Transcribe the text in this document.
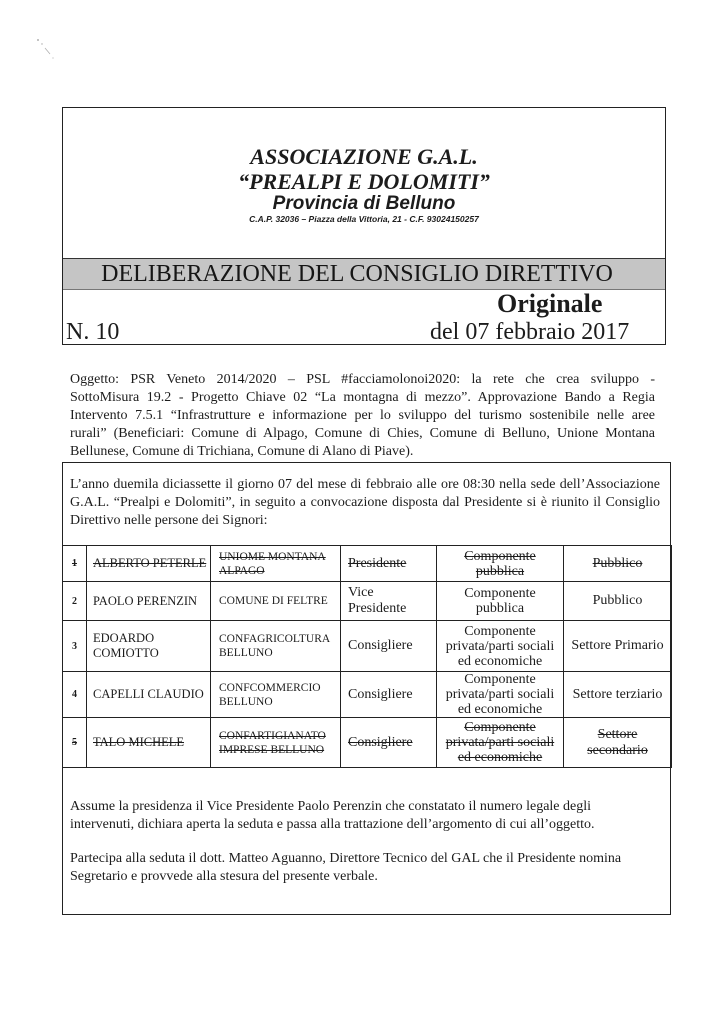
ASSOCIAZIONE G.A.L.
“PREALPI E DOLOMITI”
Provincia di Belluno
C.A.P. 32036 – Piazza della Vittoria, 21 - C.F. 93024150257
DELIBERAZIONE DEL CONSIGLIO DIRETTIVO
Originale
N. 10	del 07 febbraio 2017
Oggetto: PSR Veneto 2014/2020 – PSL #facciamolonoi2020: la rete che crea sviluppo -
SottoMisura 19.2 - Progetto Chiave 02 “La montagna di mezzo”. Approvazione Bando a Regia
Intervento 7.5.1 “Infrastrutture e informazione per lo sviluppo del turismo sostenibile nelle aree
rurali” (Beneficiari: Comune di Alpago, Comune di Chies, Comune di Belluno, Unione Montana
Bellunese, Comune di Trichiana, Comune di Alano di Piave).
L’anno duemila diciassette il giorno 07 del mese di febbraio alle ore 08:30 nella sede dell’Associazione
G.A.L. “Prealpi e Dolomiti”, in seguito a convocazione disposta dal Presidente si è riunito il Consiglio
Direttivo nelle persone dei Signori:
1	ALBERTO PETERLE	UNIOME MONTANA ALPAGO	Presidente	Componente pubblica	Pubblico
2	PAOLO PERENZIN	COMUNE DI FELTRE	Vice Presidente	Componente pubblica	Pubblico
3	EDOARDO COMIOTTO	CONFAGRICOLTURA BELLUNO	Consigliere	Componente privata/parti sociali ed economiche	Settore Primario
4	CAPELLI CLAUDIO	CONFCOMMERCIO BELLUNO	Consigliere	Componente privata/parti sociali ed economiche	Settore terziario
5	TALO MICHELE	CONFARTIGIANATO IMPRESE BELLUNO	Consigliere	Componente privata/parti sociali ed economiche	Settore secondario
Assume la presidenza il Vice Presidente Paolo Perenzin che constatato il numero legale degli
intervenuti, dichiara aperta la seduta e passa alla trattazione dell’argomento di cui all’oggetto.
Partecipa alla seduta il dott. Matteo Aguanno, Direttore Tecnico del GAL che il Presidente nomina
Segretario e provvede alla stesura del presente verbale.
